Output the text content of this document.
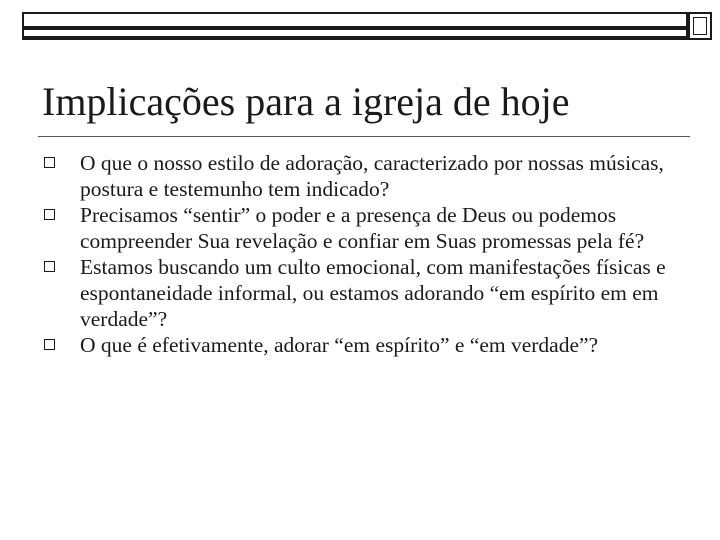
Implicações para a igreja de hoje
O que o nosso estilo de adoração, caracterizado por nossas músicas, postura e testemunho tem indicado?
Precisamos “sentir” o poder e a presença de Deus ou podemos compreender Sua revelação e confiar em Suas promessas pela fé?
Estamos buscando um culto emocional, com manifestações físicas e espontaneidade informal, ou estamos adorando “em espírito em em verdade”?
O que é efetivamente, adorar “em espírito” e “em verdade”?
